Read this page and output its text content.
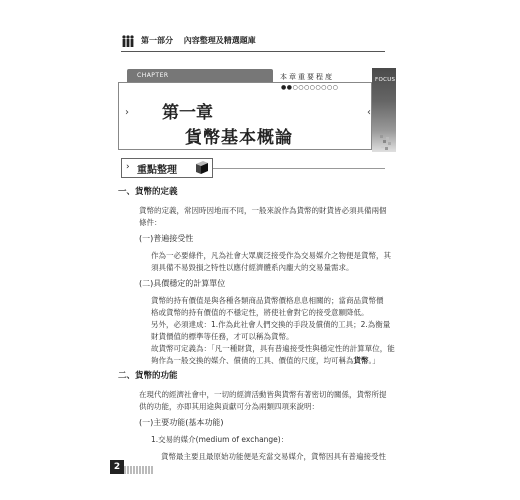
第一部分 內容整理及精選題庫
CHAPTER
›	‹
第一章
貨幣基本概論
本章重要程度
●●○○○○○○○○
FOCUS
› 重點整理
一、貨幣的定義
貨幣的定義，常因時因地而不同，一般來說作為貨幣的財貨皆必須具備兩個
條件：
(一)普遍接受性
作為一必要條件，凡為社會大眾廣泛接受作為交易媒介之物便是貨幣，其
須具備不易毀損之特性以應付經濟體系內龐大的交易量需求。
(二)具價穩定的計算單位
貨幣的持有價值是與各種各類商品貨幣價格息息相關的；當商品貨幣價
格或貨幣的持有價值的不穩定性，將使社會對它的接受意願降低。
另外，必須達成：1.作為此社會人們交換的手段及償債的工具；2.為衡量
財貨價值的標準等任務，才可以稱為貨幣。
故貨幣可定義為：「凡一種財貨，具有普遍接受性與穩定性的計算單位，能
夠作為一般交換的媒介、償債的工具、價值的尺度，均可稱為貨幣。」
二、貨幣的功能
在現代的經濟社會中，一切的經濟活動皆與貨幣有著密切的關係，貨幣所提
供的功能，亦即其用途與貢獻可分為兩類四項來說明：
(一)主要功能(基本功能)
1.交易的媒介(medium of exchange)：
貨幣最主要且最原始功能便是充當交易媒介，貨幣因具有普遍接受性
2
